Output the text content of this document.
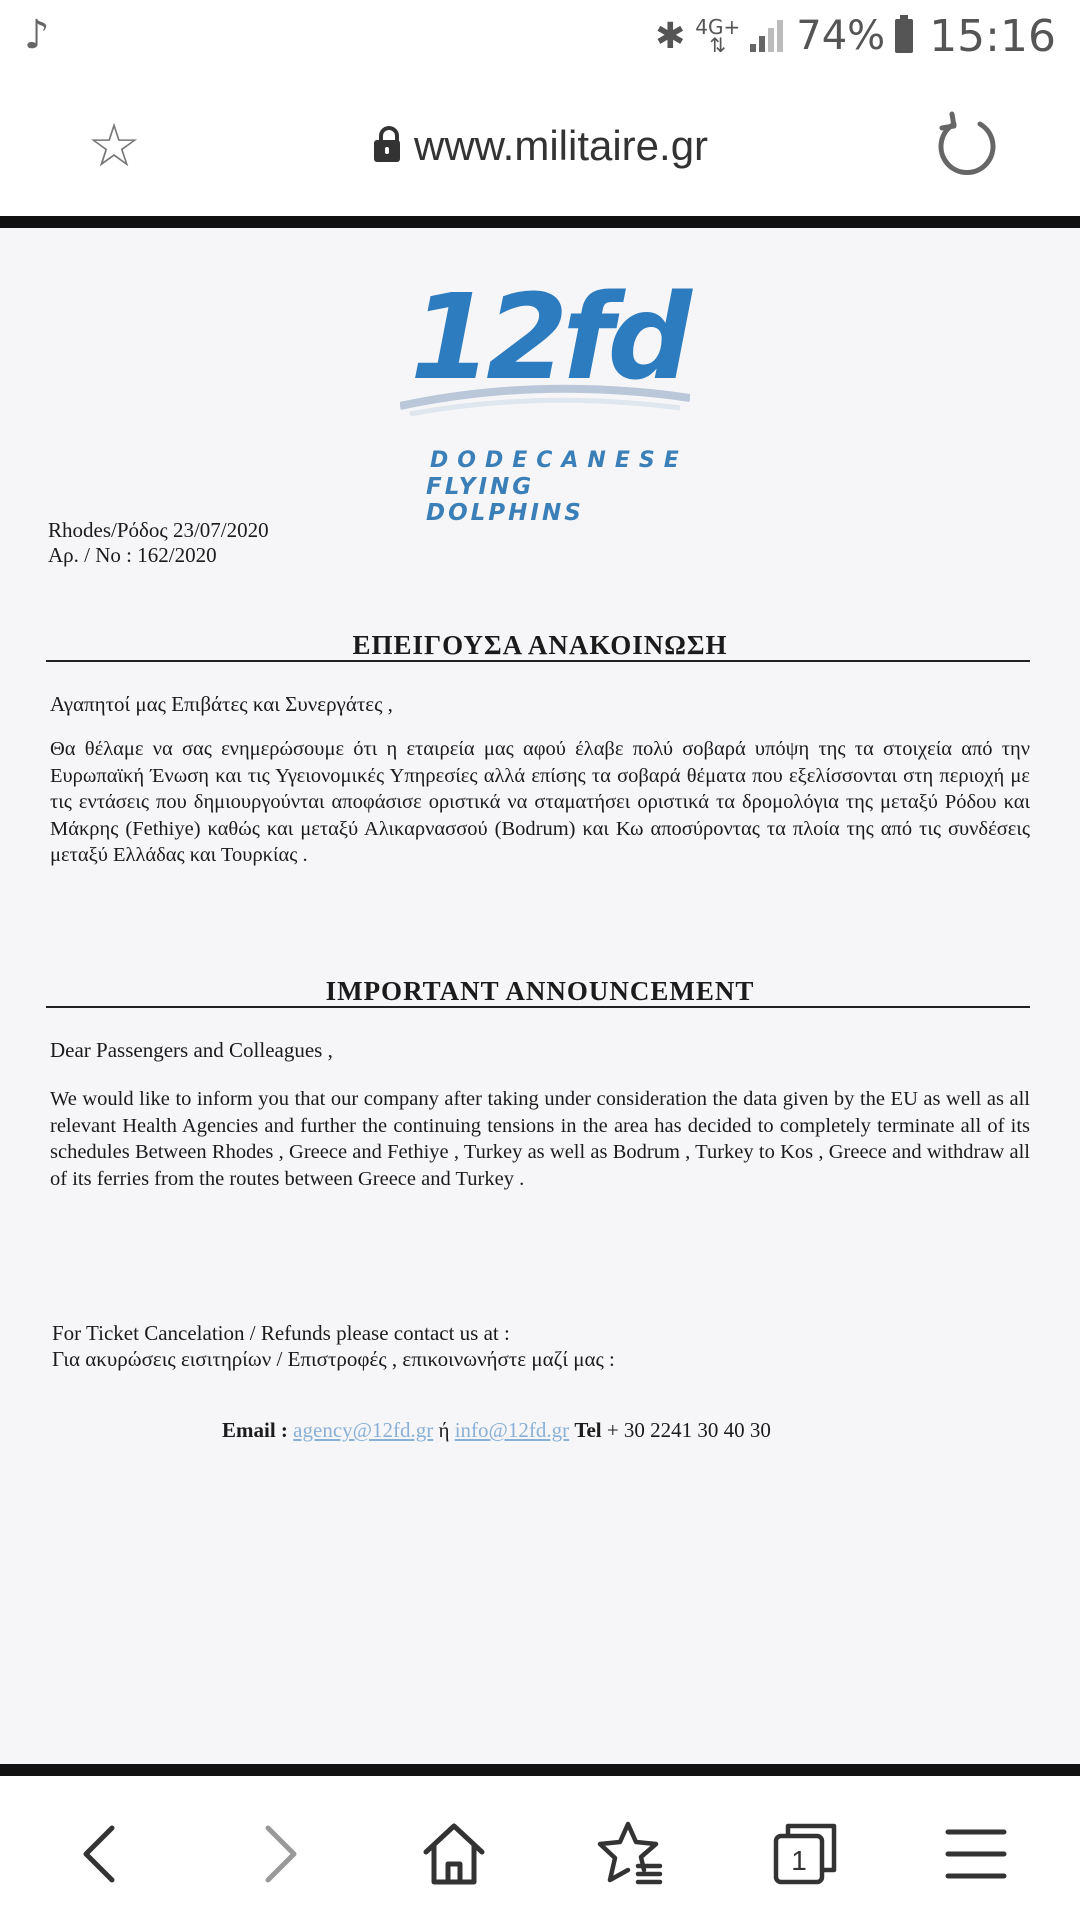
♪	✱ 4G+
⇅	74% 15:16
☆	www.militaire.gr
12fd
DODECANESE
FLYING DOLPHINS
Rhodes/Ρόδος 23/07/2020
Αρ. / No : 162/2020
ΕΠΕΙΓΟΥΣΑ ΑΝΑΚΟΙΝΩΣΗ
Αγαπητοί μας Επιβάτες και Συνεργάτες ,
Θα θέλαμε να σας ενημερώσουμε ότι η εταιρεία μας αφού έλαβε πολύ σοβαρά υπόψη της τα στοιχεία από την Ευρωπαϊκή Ένωση και τις Υγειονομικές Υπηρεσίες αλλά επίσης τα σοβαρά θέματα που εξελίσσονται στη περιοχή με τις εντάσεις που δημιουργούνται αποφάσισε οριστικά να σταματήσει οριστικά τα δρομολόγια της μεταξύ Ρόδου και Μάκρης (Fethiye) καθώς και μεταξύ Αλικαρνασσού (Bodrum) και Κω αποσύροντας τα πλοία της από τις συνδέσεις μεταξύ Ελλάδας και Τουρκίας .
IMPORTANT ANNOUNCEMENT
Dear Passengers and Colleagues ,
We would like to inform you that our company after taking under consideration the data given by the EU as well as all relevant Health Agencies and further the continuing tensions in the area has decided to completely terminate all of its schedules Between Rhodes , Greece and Fethiye , Turkey as well as Bodrum , Turkey to Kos , Greece and withdraw all of its ferries from the routes between Greece and Turkey .
For Ticket Cancelation / Refunds please contact us at :
Για ακυρώσεις εισιτηρίων / Επιστροφές , επικοινωνήστε μαζί μας :
Email : agency@12fd.gr ή info@12fd.gr Tel + 30 2241 30 40 30
1
